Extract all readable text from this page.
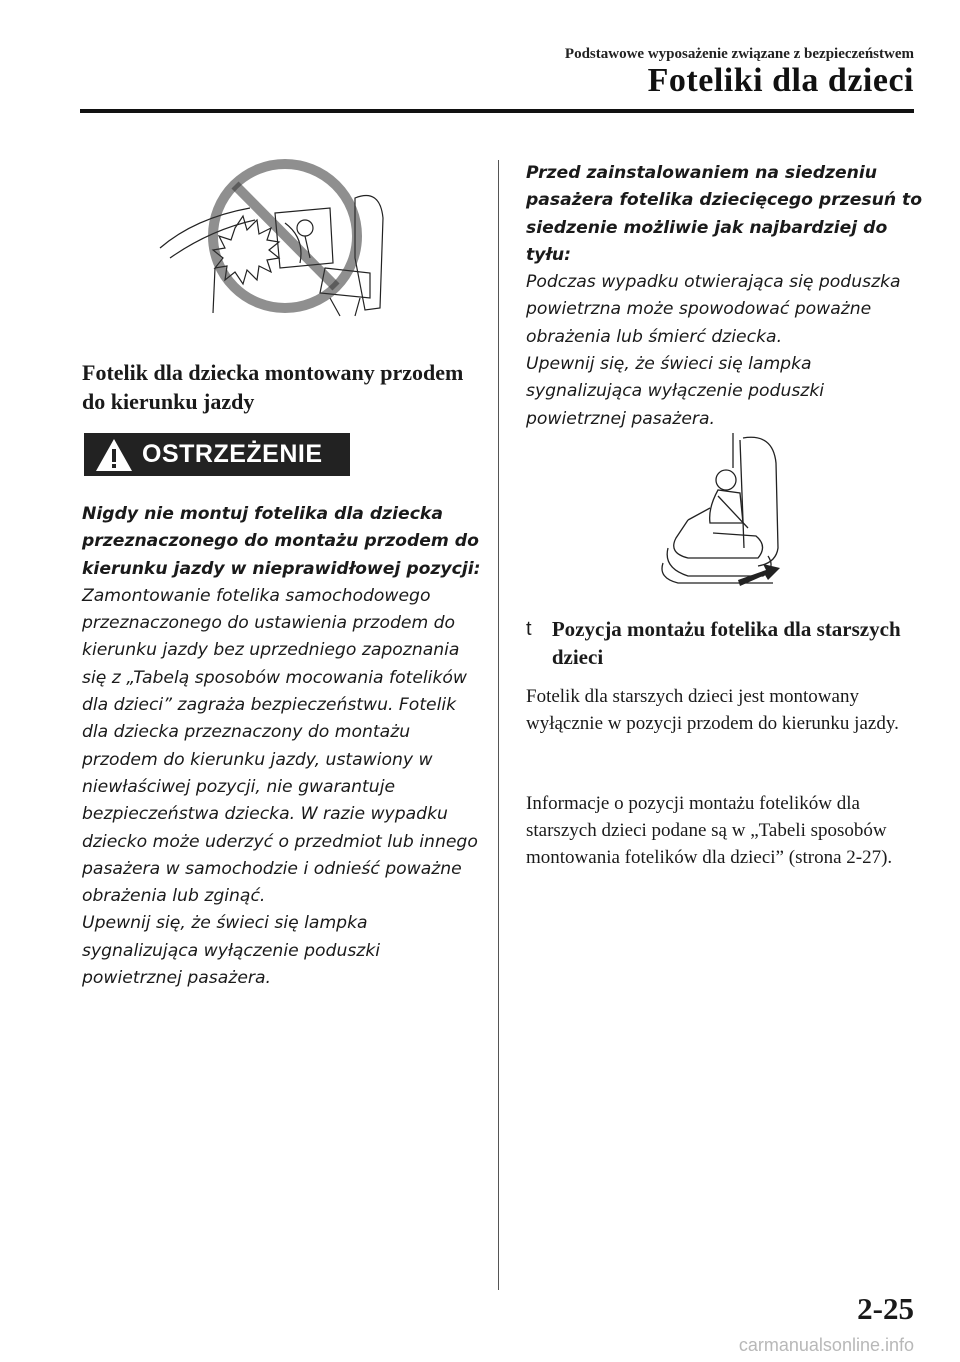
Podstawowe wyposażenie związane z bezpieczeństwem
Foteliki dla dzieci
Fotelik dla dziecka montowany przodem do kierunku jazdy
OSTRZEŻENIE
Nigdy nie montuj fotelika dla dziecka przeznaczonego do montażu przodem do kierunku jazdy w nieprawidłowej pozycji:
Zamontowanie fotelika samochodowego przeznaczonego do ustawienia przodem do kierunku jazdy bez uprzedniego zapoznania się z „Tabelą sposobów mocowania fotelików dla dzieci” zagraża bezpieczeństwu. Fotelik dla dziecka przeznaczony do montażu przodem do kierunku jazdy, ustawiony w niewłaściwej pozycji, nie gwarantuje bezpieczeństwa dziecka. W razie wypadku dziecko może uderzyć o przedmiot lub innego pasażera w samochodzie i odnieść poważne obrażenia lub zginąć.
Upewnij się, że świeci się lampka sygnalizująca wyłączenie poduszki powietrznej pasażera.
Przed zainstalowaniem na siedzeniu pasażera fotelika dziecięcego przesuń to siedzenie możliwie jak najbardziej do tyłu:
Podczas wypadku otwierająca się poduszka powietrzna może spowodować poważne obrażenia lub śmierć dziecka.
Upewnij się, że świeci się lampka sygnalizująca wyłączenie poduszki powietrznej pasażera.
t Pozycja montażu fotelika dla starszych dzieci
Fotelik dla starszych dzieci jest montowany wyłącznie w pozycji przodem do kierunku jazdy.
Informacje o pozycji montażu fotelików dla starszych dzieci podane są w „Tabeli sposobów montowania fotelików dla dzieci” (strona 2-27).
2-25
carmanualsonline.info
